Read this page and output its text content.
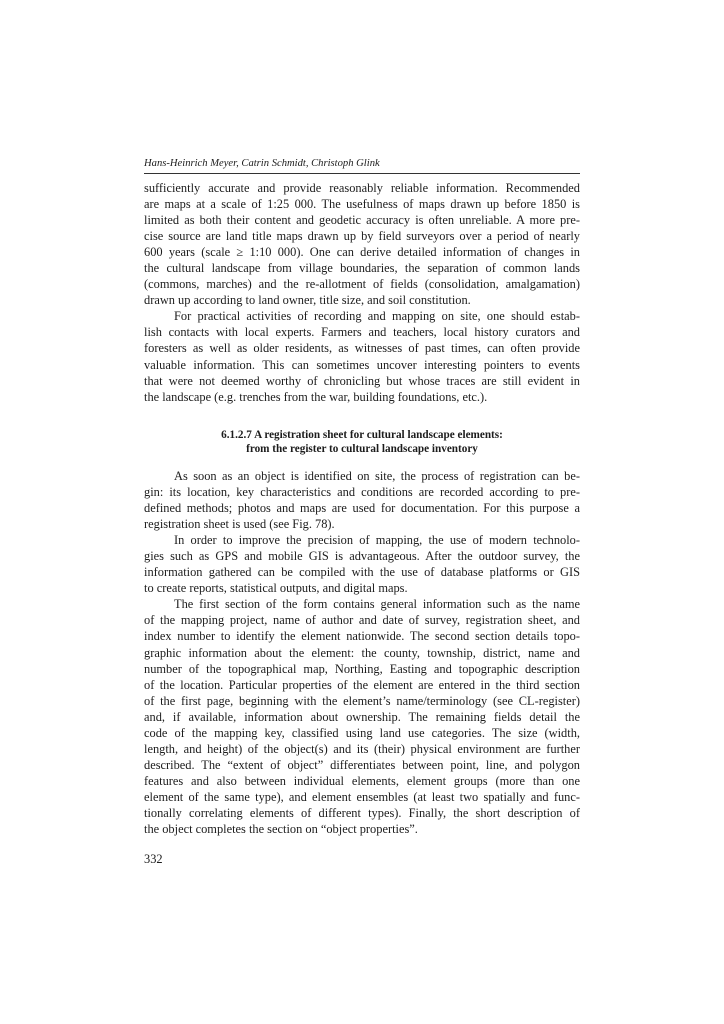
Hans-Heinrich Meyer, Catrin Schmidt, Christoph Glink
sufficiently accurate and provide reasonably reliable information. Recommended
are maps at a scale of 1:25 000. The usefulness of maps drawn up before 1850 is
limited as both their content and geodetic accuracy is often unreliable. A more pre-
cise source are land title maps drawn up by field surveyors over a period of nearly
600 years (scale ≥ 1:10 000). One can derive detailed information of changes in
the cultural landscape from village boundaries, the separation of common lands
(commons, marches) and the re-allotment of fields (consolidation, amalgamation)
drawn up according to land owner, title size, and soil constitution.
For practical activities of recording and mapping on site, one should estab-
lish contacts with local experts. Farmers and teachers, local history curators and
foresters as well as older residents, as witnesses of past times, can often provide
valuable information. This can sometimes uncover interesting pointers to events
that were not deemed worthy of chronicling but whose traces are still evident in
the landscape (e.g. trenches from the war, building foundations, etc.).
6.1.2.7 A registration sheet for cultural landscape elements:
from the register to cultural landscape inventory
As soon as an object is identified on site, the process of registration can be-
gin: its location, key characteristics and conditions are recorded according to pre-
defined methods; photos and maps are used for documentation. For this purpose a
registration sheet is used (see Fig. 78).
In order to improve the precision of mapping, the use of modern technolo-
gies such as GPS and mobile GIS is advantageous. After the outdoor survey, the
information gathered can be compiled with the use of database platforms or GIS
to create reports, statistical outputs, and digital maps.
The first section of the form contains general information such as the name
of the mapping project, name of author and date of survey, registration sheet, and
index number to identify the element nationwide. The second section details topo-
graphic information about the element: the county, township, district, name and
number of the topographical map, Northing, Easting and topographic description
of the location. Particular properties of the element are entered in the third section
of the first page, beginning with the element’s name/terminology (see CL-register)
and, if available, information about ownership. The remaining fields detail the
code of the mapping key, classified using land use categories. The size (width,
length, and height) of the object(s) and its (their) physical environment are further
described. The “extent of object” differentiates between point, line, and polygon
features and also between individual elements, element groups (more than one
element of the same type), and element ensembles (at least two spatially and func-
tionally correlating elements of different types). Finally, the short description of
the object completes the section on “object properties”.
332
